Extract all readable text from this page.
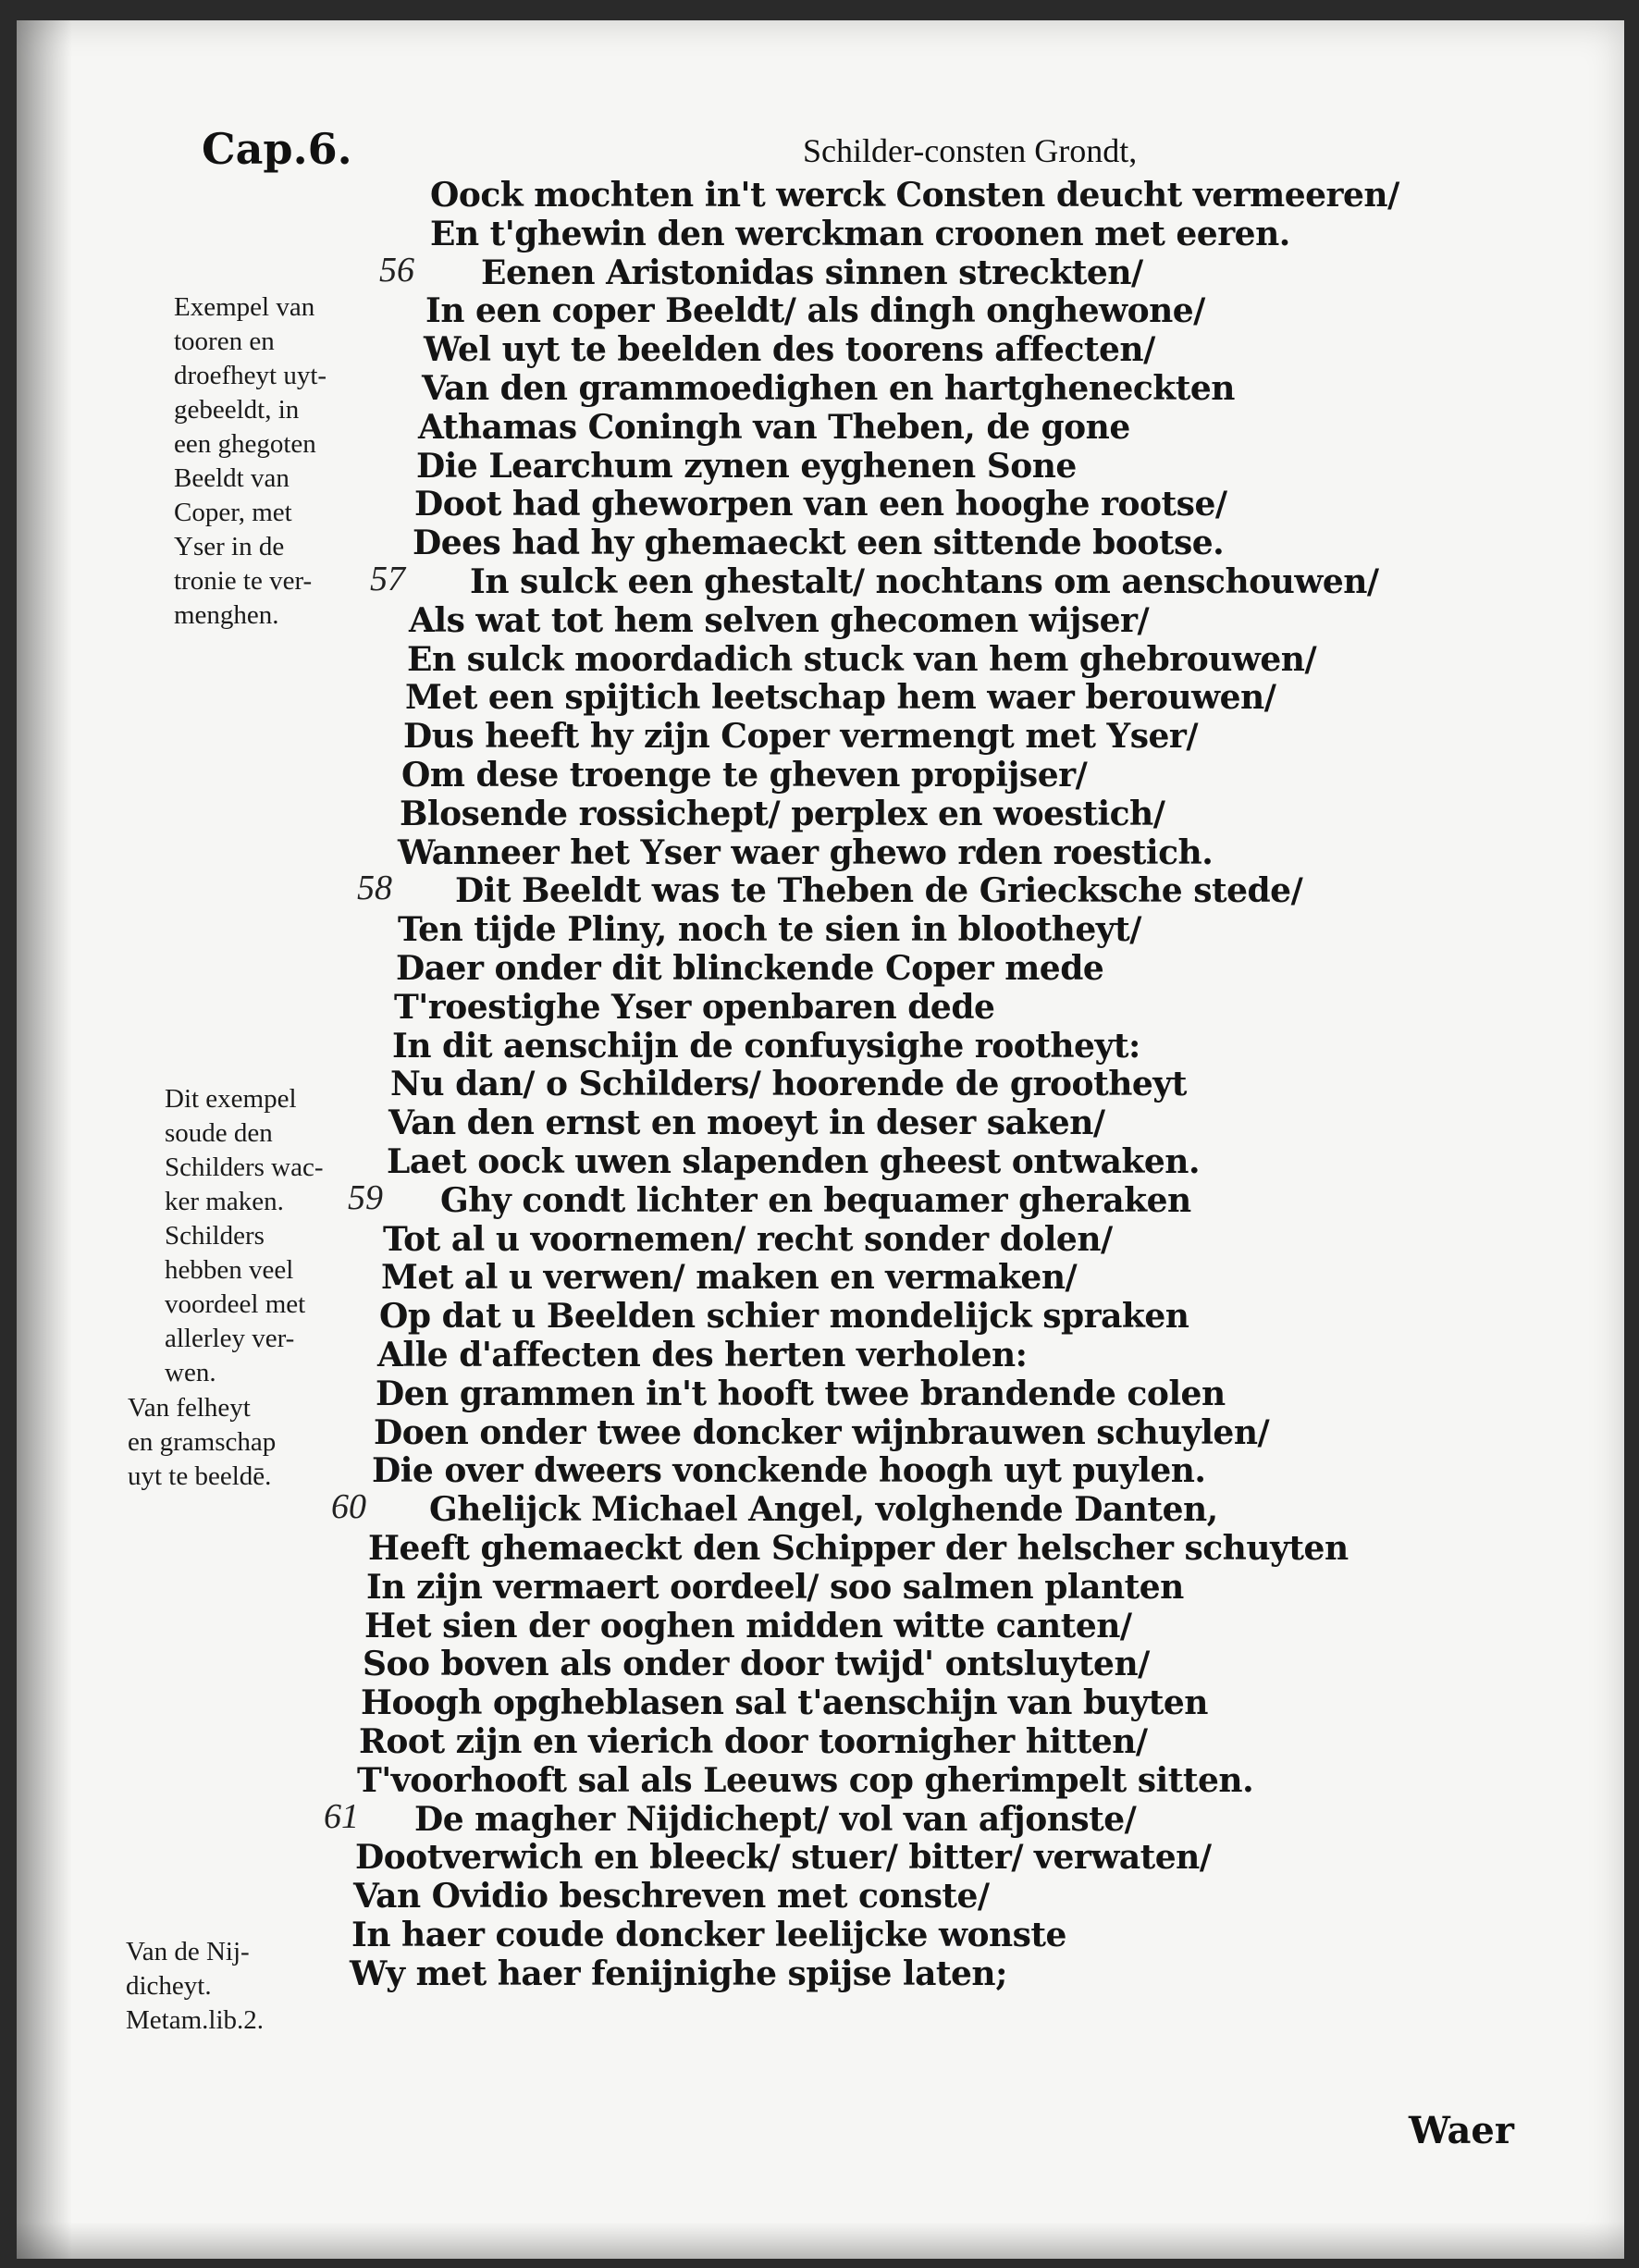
Cap.6.	Schilder-consten Grondt,
Oock mochten in't werck Consten deucht vermeeren/
En t'ghewin den werckman croonen met eeren.
Eenen Aristonidas sinnen streckten/
56
In een coper Beeldt/ als dingh onghewone/
Wel uyt te beelden des toorens affecten/
Van den grammoedighen en hartgheneckten
Athamas Coningh van Theben, de gone
Die Learchum zynen eyghenen Sone
Doot had gheworpen van een hooghe rootse/
Dees had hy ghemaeckt een sittende bootse.
In sulck een ghestalt/ nochtans om aenschouwen/
57
Als wat tot hem selven ghecomen wijser/
En sulck moordadich stuck van hem ghebrouwen/
Met een spijtich leetschap hem waer berouwen/
Dus heeft hy zijn Coper vermengt met Yser/
Om dese troenge te gheven propijser/
Blosende rossichept/ perplex en woestich/
Wanneer het Yser waer ghewo rden roestich.
Dit Beeldt was te Theben de Griecksche stede/
58
Ten tijde Pliny, noch te sien in blootheyt/
Daer onder dit blinckende Coper mede
T'roestighe Yser openbaren dede
In dit aenschijn de confuysighe rootheyt:
Nu dan/ o Schilders/ hoorende de grootheyt
Van den ernst en moeyt in deser saken/
Laet oock uwen slapenden gheest ontwaken.
Ghy condt lichter en bequamer gheraken
59
Tot al u voornemen/ recht sonder dolen/
Met al u verwen/ maken en vermaken/
Op dat u Beelden schier mondelijck spraken
Alle d'affecten des herten verholen:
Den grammen in't hooft twee brandende colen
Doen onder twee doncker wijnbrauwen schuylen/
Die over dweers vonckende hoogh uyt puylen.
Ghelijck Michael Angel, volghende Danten,
60
Heeft ghemaeckt den Schipper der helscher schuyten
In zijn vermaert oordeel/ soo salmen planten
Het sien der ooghen midden witte canten/
Soo boven als onder door twijd' ontsluyten/
Hoogh opgheblasen sal t'aenschijn van buyten
Root zijn en vierich door toornigher hitten/
T'voorhooft sal als Leeuws cop gherimpelt sitten.
De magher Nijdichept/ vol van afjonste/
61
Dootverwich en bleeck/ stuer/ bitter/ verwaten/
Van Ovidio beschreven met conste/
In haer coude doncker leelijcke wonste
Wy met haer fenijnighe spijse laten;
Exempel van
tooren en
droefheyt uyt-
gebeeldt, in
een ghegoten
Beeldt van
Coper, met
Yser in de
tronie te ver-
menghen.
Dit exempel
soude den
Schilders wac-
ker maken.
Schilders
hebben veel
voordeel met
allerley ver-
wen.
Van felheyt
en gramschap
uyt te beeldē.
Van de Nij-
dicheyt.
Metam.lib.2.
Waer
